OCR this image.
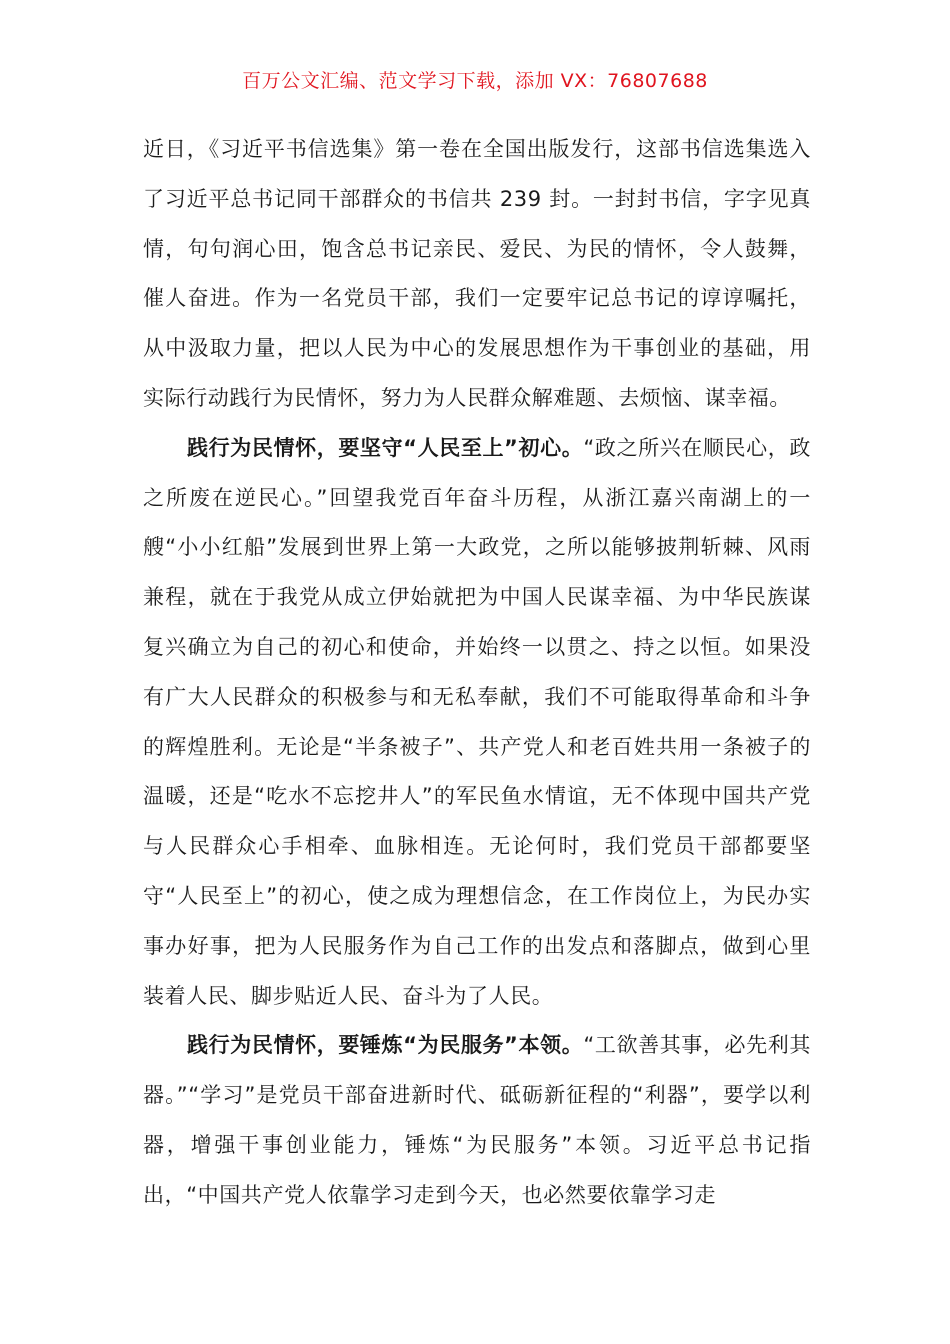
百万公文汇编、范文学习下载，添加 VX：76807688

近日，《习近平书信选集》第一卷在全国出版发行，这部书信选集选入了习近平总书记同干部群众的书信共 239 封。一封封书信，字字见真情，句句润心田，饱含总书记亲民、爱民、为民的情怀，令人鼓舞，催人奋进。作为一名党员干部，我们一定要牢记总书记的谆谆嘱托，从中汲取力量，把以人民为中心的发展思想作为干事创业的基础，用实际行动践行为民情怀，努力为人民群众解难题、去烦恼、谋幸福。

践行为民情怀，要坚守“人民至上”初心。“政之所兴在顺民心，政之所废在逆民心。”回望我党百年奋斗历程，从浙江嘉兴南湖上的一艘“小小红船”发展到世界上第一大政党，之所以能够披荆斩棘、风雨兼程，就在于我党从成立伊始就把为中国人民谋幸福、为中华民族谋复兴确立为自己的初心和使命，并始终一以贯之、持之以恒。如果没有广大人民群众的积极参与和无私奉献，我们不可能取得革命和斗争的辉煌胜利。无论是“半条被子”、共产党人和老百姓共用一条被子的温暖，还是“吃水不忘挖井人”的军民鱼水情谊，无不体现中国共产党与人民群众心手相牵、血脉相连。无论何时，我们党员干部都要坚守“人民至上”的初心，使之成为理想信念，在工作岗位上，为民办实事办好事，把为人民服务作为自己工作的出发点和落脚点，做到心里装着人民、脚步贴近人民、奋斗为了人民。

践行为民情怀，要锤炼“为民服务”本领。“工欲善其事，必先利其器。”“学习”是党员干部奋进新时代、砥砺新征程的“利器”，要学以利器，增强干事创业能力，锤炼“为民服务”本领。习近平总书记指出，“中国共产党人依靠学习走到今天，也必然要依靠学习走
